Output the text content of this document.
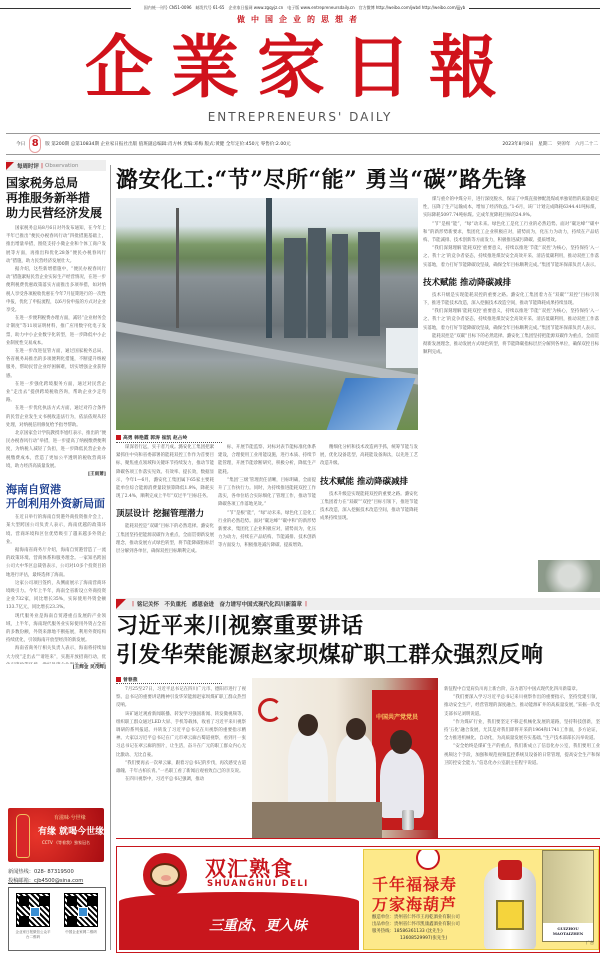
国内统一刊号 CN51-0096　邮发代号 61-65　企业家日报网 www.zgqyjz.cn　电子版 www.entrepreneursdaily.cn　官方微博 http://weibo.com/jwbd http://weibo.com/jjjyb
做中国企业的思想者
企業家日報
ENTREPRENEURS' DAILY
今日 8	版 第200期 总第10834期 企业家日报社出版 值班副总编辑:肖方林 责编:邓梅 版式:黄健 全年定价:450元 零售价:2.00元	2023年8月8日　星期二　癸卯年　六月二十二
每周时评 | Observation
国家税务总局
再推服务新举措
助力民营经济发展

国家税务总局8月6日对外发布通知，在今年上半年已推出“便民办税春风行动”四批措施基础上，推出增量举措，围绕支持小微企业和个体工商户发展等方面，再推出和优化28条“便民办税春风行动”措施，助力民营经济发展壮大。

据介绍，这些新增措施中，“便民办税春风行动”措施紧贴民营企业实际生产经营情况，在进一步便利税费优惠政策落实方面推出多项举措，如对纳税人享受各项税收优惠在今年7月征期进行的一次性申报，优化了申报流程，以6月份申报的方式对企业享受。

在进一步便利税费办理方面，减轻“企业财务会计制度”等11项证明材料，推广应用数字化电子发票，助力中小企业数字化转型，进一步降低中小企业制度性交易成本。

在进一步改进征管方面，通过国家税务总局、各省税务局推出的多项便利化措施，不断提升纳税服务，帮助民营企业纾困解难，切实增强企业获得感。

在进一步强化跨境服务方面，通过对民营企业“走出去”提供跨境税收咨询，帮助企业少走弯路。

在进一步优化执法方式方面，通过对符合条件的民营企业发生文书税收违法行为，依法依规从轻处理，对纳税信用修复给予指导帮助。

北京国家会计学院教授李旭红表示，推出的“便民办税春风行动”举措，进一步提高了纳税缴费便利度，为纳税人减轻了负担，进一步降低民营企业办税缴费成本，营造了更加公平透明的税收营商环境，助力经济高质量发展。

[王雨萧]
海南自贸港
开创利用外资新局面

在近日举行的海南自贸港外商投资推介会上，某大型跨国公司负责人表示，海南优越的政策环境、营商环境和区位优势吸引了越来越多外资企业。

据海南省商务厅介绍，海南自贸港营造了一流的政策环境、营商体系和服务理念。一家知名跨国公司大中华区总裁曾表示，公司对10多个投资目的地进行评估，最终选择了海南。

这家公司项目签约，从侧面展示了海南营商环境吸引力。今年上半年，海南全省新设立外商投资企业732家，同比增长35%，实际使用外资金额133.7亿元，同比增长23.3%。

现代服务业是海南自贸港重点发展的产业领域，上半年，海南现代服务业实际使用外资占全省的多数份额，外资来源地不断拓展，利用外资结构持续优化，引领海南开放型经济的新发展。

海南省商务厅相关负责人表示，海南将持续加大力度“走出去”“请进来”，实施开放招商行动，优

[王辉金 吴茂辉]
有滋味·兮世缘
有缘 就喝今世缘
CCTV 《等着我》独家冠名
新闻热线：028- 87319500
投稿邮箱：cjb4500@sina.com
企业家日报微信公众平台二维码
中国企业家网二维码
潞安化工:“节”尽所“能” 勇当“碳”路先锋
高勇 韩艳霞 郭涛 崔凯 赵占岭

谋深者行远，实干者乃成。潞安化工集团把紧紧抓住中央和省委部署的能耗双控工作作为首要目标，聚焦重点领域和关键环节持续发力，推动节能降碳各项工作落实见效。有效率、提长效，数据显示，今年1—6月，潞安化工集团属下65家主要耗能单位综合能源消费量较预算降低1.9%，降耗实现了2.4%，顺利完成上半年“双过半”目标任务。

顶层设计 挖掘管理潜力

能耗双控是“双碳”目标下的必然选择。潞安化工集团坚持把能源双碳作为重点，全面贯彻新发展理念，推动发展方式绿色转型，将节能降碳指标层层分解到各单位，确保双控目标顺利完成。

标，开展节能监察、对标对表节能标准化体系建设，合理使用工业用能设施，进行本质、持续节能管理，开展节能诊断研究，积极分析，降低生产能耗。

“集团‘三级’管理责任清晰，目标明确，全面提升了工作执行力。同时，为持续推进能耗双控工作落实，各单位结合实际细化了管理工作，推动节能降碳各项工作落地见效。”

“节”是根“能”，“绿”动未来。绿色化工是化工行业的必然趋势。面对“碳达峰”“碳中和”的新形势新要求，集团化工企业积极应对，锚势而为，化压力为动力，持续在产品结构、节能减排、技术创新等方面发力，积极推进减污降碳、提质增效。

精细化分析和技术改造两手抓，统筹节能与发展，优化设备选型，高耗能设备淘汰，以先进工艺改造升级。

技术赋能 推动降碳减排

技术升级是实现能耗双控的重要之路。潞安化工集团着力在“双碳”“双控”目标引领下，推进节能技术改造，深入挖掘技术改造空间，推动节能降耗成果持续显现。

煤与重介的中煤分开，进行深度脱水，保证了中煤直接掺配混煤或单独销售的质量稳定性，压降了生产运输成本，增加了经济收益。”1-6月，该厂计划完成降耗6344.41吨标煤，实际降耗5097.74吨标煤。完成年度降耗目标的24.9%。

“节”是根“能”，“绿”动未来。绿色化工是化工行业的必然趋势。面对“碳达峰”“碳中和”的新形势新要求，集团化工企业积极应对，锚势而为，化压力为动力，持续在产品结构、节能减排、技术创新等方面发力，积极推进减污降碳、提质增效。

“我们深刻理解‘能耗双控’重要意义，持续以推进‘节能’‘双控’为核心，坚持保持‘入一之、我十之’的竞争者姿态，持续推进煤炭安全高效开采、清洁低碳利用，推动双控工作落实落地，着力打好节能降碳攻坚战，确保全年目标顺利完成。”集团节能环保部负责人表示。

技术赋能 推动降碳减排

技术升级是实现能耗双控的重要之路。潞安化工集团着力在“双碳”“双控”目标引领下，推进节能技术改造，深入挖掘技术改造空间，推动节能降耗成果持续显现。

“我们深刻理解‘能耗双控’重要意义，持续以推进‘节能’‘双控’为核心，坚持保持‘入一之、我十之’的竞争者姿态，持续推进煤炭安全高效开采、清洁低碳利用，推动双控工作落实落地，着力打好节能降碳攻坚战，确保全年目标顺利完成。”集团节能环保部负责人表示。

能耗双控是“双碳”目标下的必然选择。潞安化工集团坚持把能源双碳作为重点，全面贯彻新发展理念，推动发展方式绿色转型，将节能降碳指标层层分解到各单位，确保双控目标顺利完成。

| 铭记关怀　不负重托　感恩奋进　奋力谱写中国式现代化四川新篇章 |
习近平来川视察重要讲话
引发华荣能源赵家坝煤矿职工群众强烈反响
曾春燕

7月25至27日，习近平总书记在四川广元市、德阳市进行了视察。总书记的重要讲话精神引发华荣能源赵家坝煤矿职工群众热烈反响。

该矿通过观看新闻联播、转发学习强国新闻、转发微视频等，组织职工群众通过LED大屏、手机等载体，收看了习近平来川视察调研的系列报道。并转发了习近平总书记在川视察的重要指示精神。大家以习近平总书记在广元市翠云廊古蜀道视察，看到月一张习总书记在翠云廊的图片，让生活，奋斗在广元的职工群众内心无比激动、无比自豪。

“我们要再去一次翠云廊，跟着习总书记的步伐，再次感受古道雄魄、千年古柏长青。”一名职工看了新闻后观看致自己的亲友说。

在四川视察中，习近平总书记强调，推动

中国共产党党员

新征程中自觉肩负川再上新台阶，奋力谱写中国式现代化四川新篇章。

“我们要深入学习习近平总书记来川视察作出的重要指示，坚持党建引领，推动安全生产，经营管理的深度融合，推动能源矿井的高质量发展，”采掘一队党支部书记刘明说道。

“作为煤矿行业，我们要坚定不移走机械化发展的道路，坚持科技创新，坚持‘五化’融合发展，尤其是对我们即将开采的1964和1741工作面，多方论证，全力推进机械化、自动化，为高质量发展夯实基础。”生产技术部部长冯举说道。

“安全始终是煤矿生产的重点，我们新成立了信息化办公室，我们要用工业视频这个手段，加强和规范视频监控系统及设备的日常管理，提高安全生产和保卫防控安全能力。”信息化办公室副主任程宇说道。

双汇熟食
SHUANGHUI DELI
三重卤、更入味
千年福禄寿
万家海葫芦
酿造单位：贵州省仁怀市王再乾酒业有限公司
出品单位：贵州省仁怀市凯康鑫酒业有限公司
服务热线：18586361133 (沈先生)
13608529997(张先生)
GUIZHOU MAOTAIZHEN
广告
